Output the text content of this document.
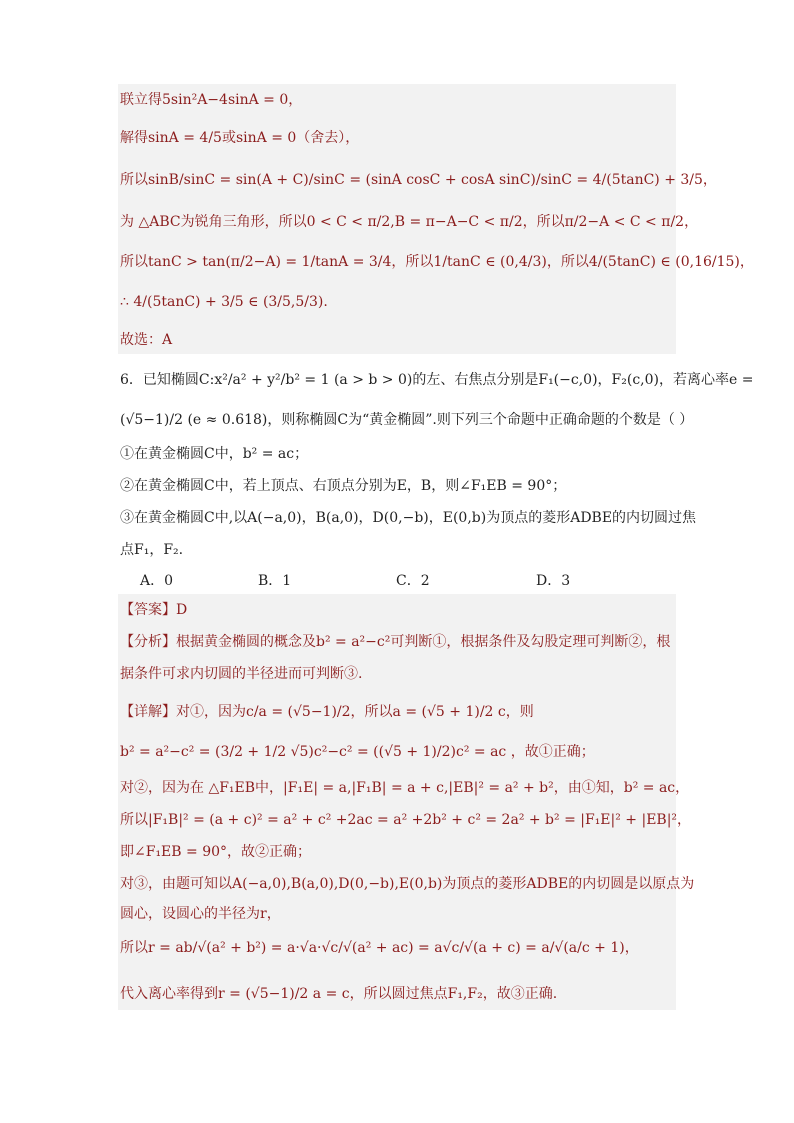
联立得5sin²A−4sinA = 0，
解得sinA = 4/5或sinA = 0（舍去），
所以sinB/sinC = sin(A + C)/sinC = (sinA cosC + cosA sinC)/sinC = 4/(5tanC) + 3/5，
为 △ABC为锐角三角形，所以0 < C < π/2,B = π−A−C < π/2，所以π/2−A < C < π/2，
所以tanC > tan(π/2−A) = 1/tanA = 3/4，所以1/tanC ∈ (0,4/3)，所以4/(5tanC) ∈ (0,16/15)，
∴ 4/(5tanC) + 3/5 ∈ (3/5,5/3).
故选：A
6．已知椭圆C:x²/a² + y²/b² = 1 (a > b > 0)的左、右焦点分别是F₁(−c,0)，F₂(c,0)，若离心率e =
(√5−1)/2 (e ≈ 0.618)，则称椭圆C为“黄金椭圆”.则下列三个命题中正确命题的个数是（ ）
①在黄金椭圆C中，b² = ac；
②在黄金椭圆C中，若上顶点、右顶点分别为E，B，则∠F₁EB = 90°；
③在黄金椭圆C中,以A(−a,0)，B(a,0)，D(0,−b)，E(0,b)为顶点的菱形ADBE的内切圆过焦
点F₁，F₂.
A．0	B．1	C．2	D．3
【答案】D
【分析】根据黄金椭圆的概念及b² = a²−c²可判断①，根据条件及勾股定理可判断②，根
据条件可求内切圆的半径进而可判断③.
【详解】对①，因为c/a = (√5−1)/2，所以a = (√5 + 1)/2 c，则
b² = a²−c² = (3/2 + 1/2 √5)c²−c² = ((√5 + 1)/2)c² = ac ，故①正确；
对②，因为在 △F₁EB中，|F₁E| = a,|F₁B| = a + c,|EB|² = a² + b²，由①知，b² = ac，
所以|F₁B|² = (a + c)² = a² + c² +2ac = a² +2b² + c² = 2a² + b² = |F₁E|² + |EB|²，
即∠F₁EB = 90°，故②正确；
对③，由题可知以A(−a,0),B(a,0),D(0,−b),E(0,b)为顶点的菱形ADBE的内切圆是以原点为
圆心，设圆心的半径为r，
所以r = ab/√(a² + b²) = a·√a·√c/√(a² + ac) = a√c/√(a + c) = a/√(a/c + 1)，
代入离心率得到r = (√5−1)/2 a = c，所以圆过焦点F₁,F₂，故③正确.
